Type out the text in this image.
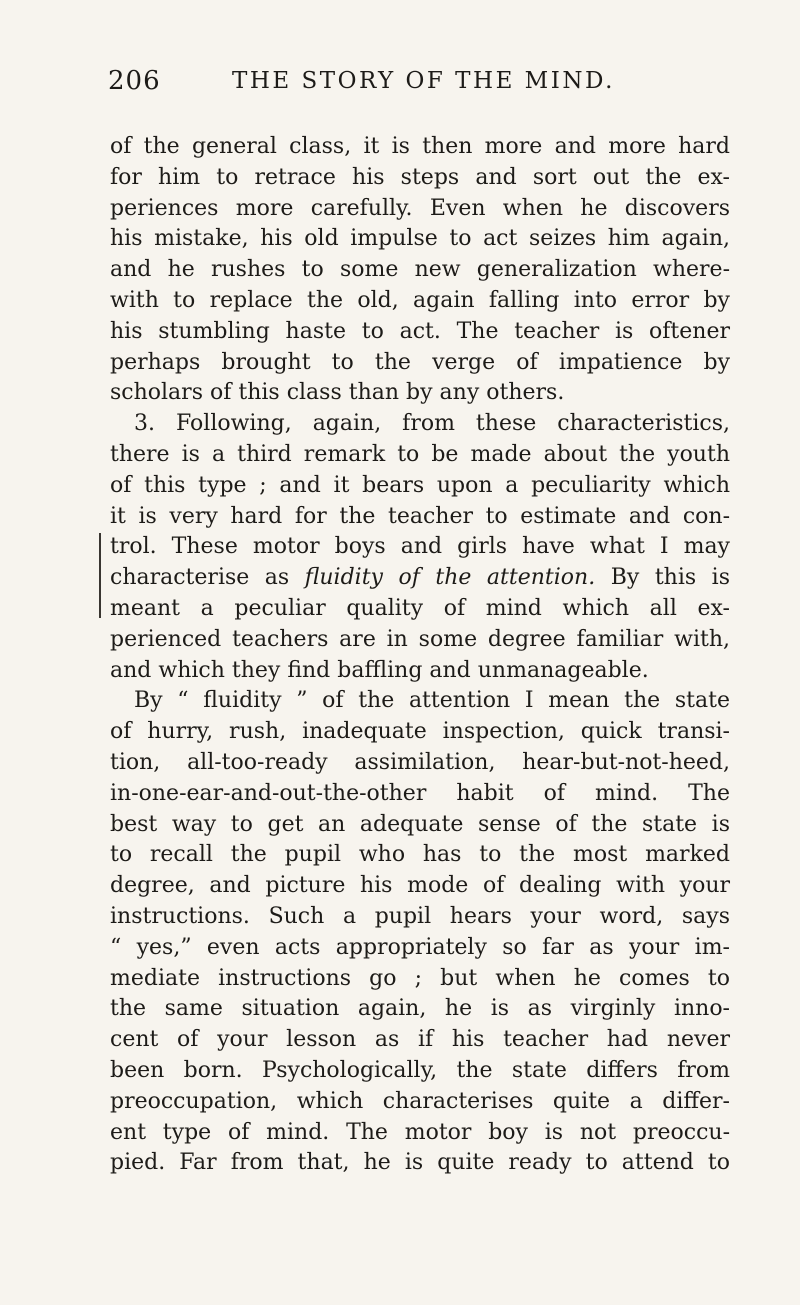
206	THE STORY OF THE MIND.
of the general class, it is then more and more hard
for him to retrace his steps and sort out the ex-
periences more carefully. Even when he discovers
his mistake, his old impulse to act seizes him again,
and he rushes to some new generalization where-
with to replace the old, again falling into error by
his stumbling haste to act. The teacher is oftener
perhaps brought to the verge of impatience by
scholars of this class than by any others.
3. Following, again, from these characteristics,
there is a third remark to be made about the youth
of this type ; and it bears upon a peculiarity which
it is very hard for the teacher to estimate and con-
trol. These motor boys and girls have what I may
characterise as fluidity of the attention. By this is
meant a peculiar quality of mind which all ex-
perienced teachers are in some degree familiar with,
and which they find baffling and unmanageable.
By “ fluidity ” of the attention I mean the state
of hurry, rush, inadequate inspection, quick transi-
tion, all-too-ready assimilation, hear-but-not-heed,
in-one-ear-and-out-the-other habit of mind. The
best way to get an adequate sense of the state is
to recall the pupil who has to the most marked
degree, and picture his mode of dealing with your
instructions. Such a pupil hears your word, says
“ yes,” even acts appropriately so far as your im-
mediate instructions go ; but when he comes to
the same situation again, he is as virginly inno-
cent of your lesson as if his teacher had never
been born. Psychologically, the state differs from
preoccupation, which characterises quite a differ-
ent type of mind. The motor boy is not preoccu-
pied. Far from that, he is quite ready to attend to
